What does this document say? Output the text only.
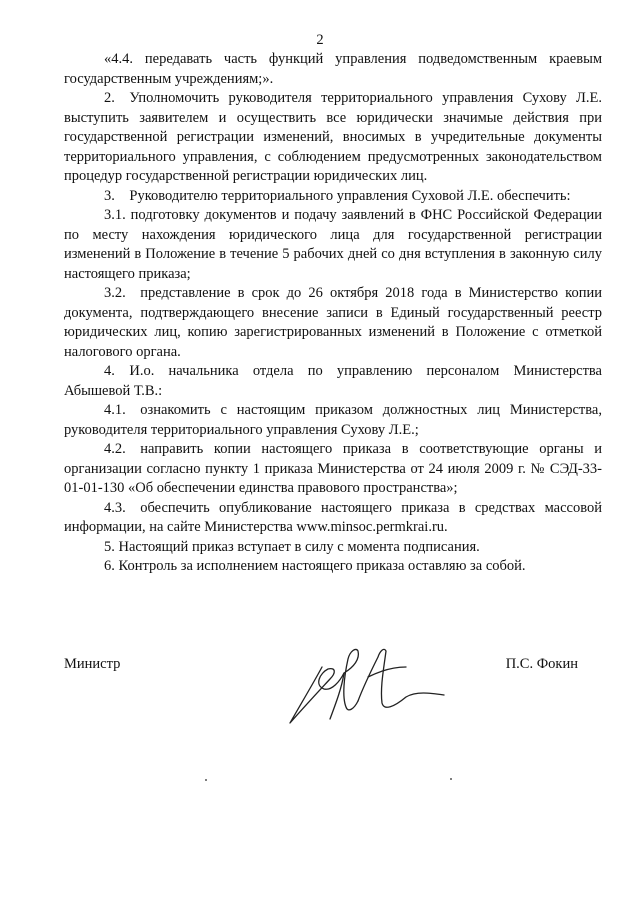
2

«4.4. передавать часть функций управления подведомственным краевым государственным учреждениям;».

2. Уполномочить руководителя территориального управления Сухову Л.Е. выступить заявителем и осуществить все юридически значимые действия при государственной регистрации изменений, вносимых в учредительные документы территориального управления, с соблюдением предусмотренных законодательством процедур государственной регистрации юридических лиц.

3. Руководителю территориального управления Суховой Л.Е. обеспечить:

3.1. подготовку документов и подачу заявлений в ФНС Российской Федерации по месту нахождения юридического лица для государственной регистрации изменений в Положение в течение 5 рабочих дней со дня вступления в законную силу настоящего приказа;

3.2. представление в срок до 26 октября 2018 года в Министерство копии документа, подтверждающего внесение записи в Единый государственный реестр юридических лиц, копию зарегистрированных изменений в Положение с отметкой налогового органа.

4. И.о. начальника отдела по управлению персоналом Министерства Абышевой Т.В.:

4.1. ознакомить с настоящим приказом должностных лиц Министерства, руководителя территориального управления Сухову Л.Е.;

4.2. направить копии настоящего приказа в соответствующие органы и организации согласно пункту 1 приказа Министерства от 24 июля 2009 г. № СЭД-33-01-01-130 «Об обеспечении единства правового пространства»;

4.3. обеспечить опубликование настоящего приказа в средствах массовой информации, на сайте Министерства www.minsoc.permkrai.ru.

5. Настоящий приказ вступает в силу с момента подписания.

6. Контроль за исполнением настоящего приказа оставляю за собой.

Министр	П.С. Фокин
